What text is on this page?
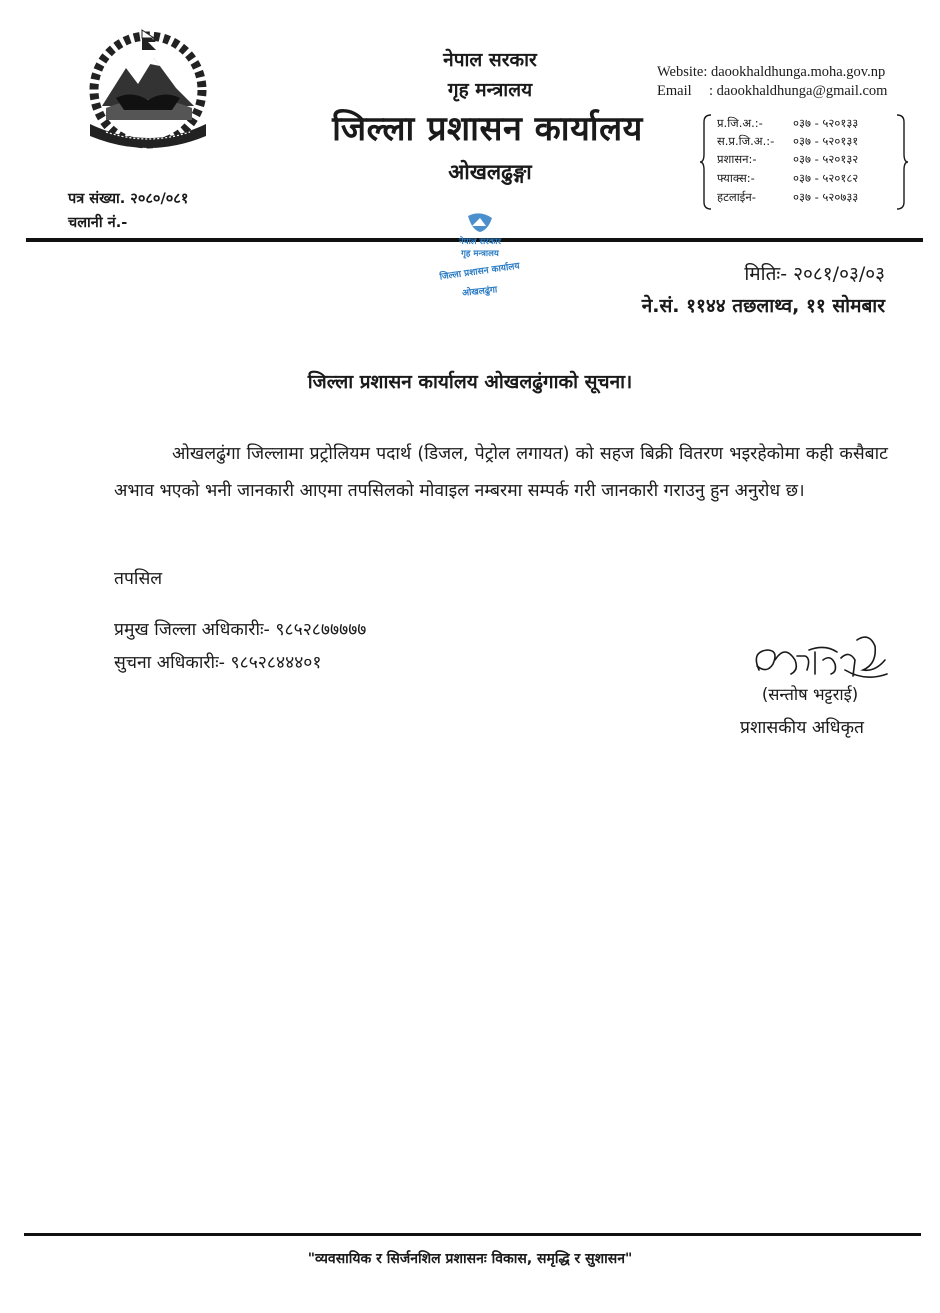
नेपाल सरकार
गृह मन्त्रालय
जिल्ला प्रशासन कार्यालय
ओखलढुङ्गा
Website: daookhaldhunga.moha.gov.np
Email : daookhaldhunga@gmail.com
प्र.जि.अ.:-	०३७ - ५२०१३३
स.प्र.जि.अ.:- ०३७ - ५२०१३१
प्रशासन:-	०३७ - ५२०१३२
फ्याक्स:-	०३७ - ५२०१८२
हटलाईन-	०३७ - ५२०७३३
पत्र संख्या. २०८०/०८१
चलानी नं.-
नेपाल सरकार
गृह मन्त्रालय
जिल्ला प्रशासन कार्यालय
ओखलढुंगा
मितिः- २०८१/०३/०३
ने.सं. ११४४ तछलाथ्व, ११ सोमबार
जिल्ला प्रशासन कार्यालय ओखलढुंगाको सूचना।
ओखलढुंगा जिल्लामा प्रट्रोलियम पदार्थ (डिजल, पेट्रोल लगायत) को सहज बिक्री वितरण भइरहेकोमा कही कसैबाट अभाव भएको भनी जानकारी आएमा तपसिलको मोवाइल नम्बरमा सम्पर्क गरी जानकारी गराउनु हुन अनुरोध छ।
तपसिल
प्रमुख जिल्ला अधिकारीः- ९८५२८७७७७७
सुचना अधिकारीः- ९८५२८४४४०१
(सन्तोष भट्टराई)
प्रशासकीय अधिकृत
"व्यवसायिक र सिर्जनशिल प्रशासनः विकास, समृद्धि र सुशासन"
